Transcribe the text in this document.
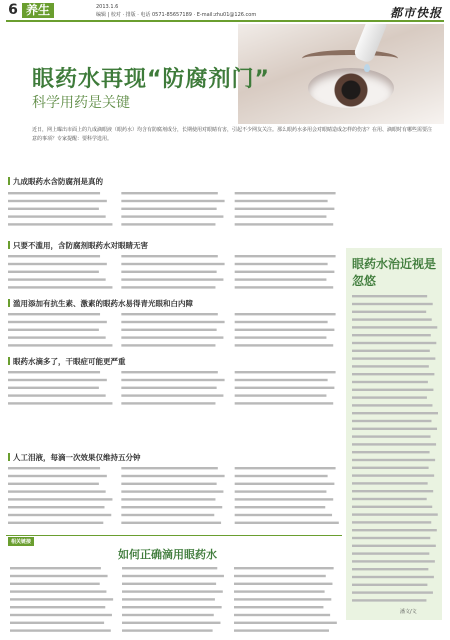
6 养生	2013.1.6
编辑 | 校对 · 排版 · 电话 0571-85657189 · E-mail:zhu01@126.com	都市快报
眼药水再现“防腐剂门”
科学用药是关键
近日，网上曝出市面上的九成滴眼液（眼药水）均含有防腐剂成分，长期使用对眼睛有害，引起不少网友关注。那么眼药水多用会对眼睛造成怎样的伤害？在用、滴眼时有哪些需要注意的事项？专家提醒：要科学选用。
九成眼药水含防腐剂是真的
只要不滥用，含防腐剂眼药水对眼睛无害
滥用添加有抗生素、激素的眼药水易得青光眼和白内障
眼药水滴多了，干眼症可能更严重
人工泪液，每滴一次效果仅维持五分钟
眼药水治近视是忽悠
潘文/文
相关链接
如何正确滴用眼药水
